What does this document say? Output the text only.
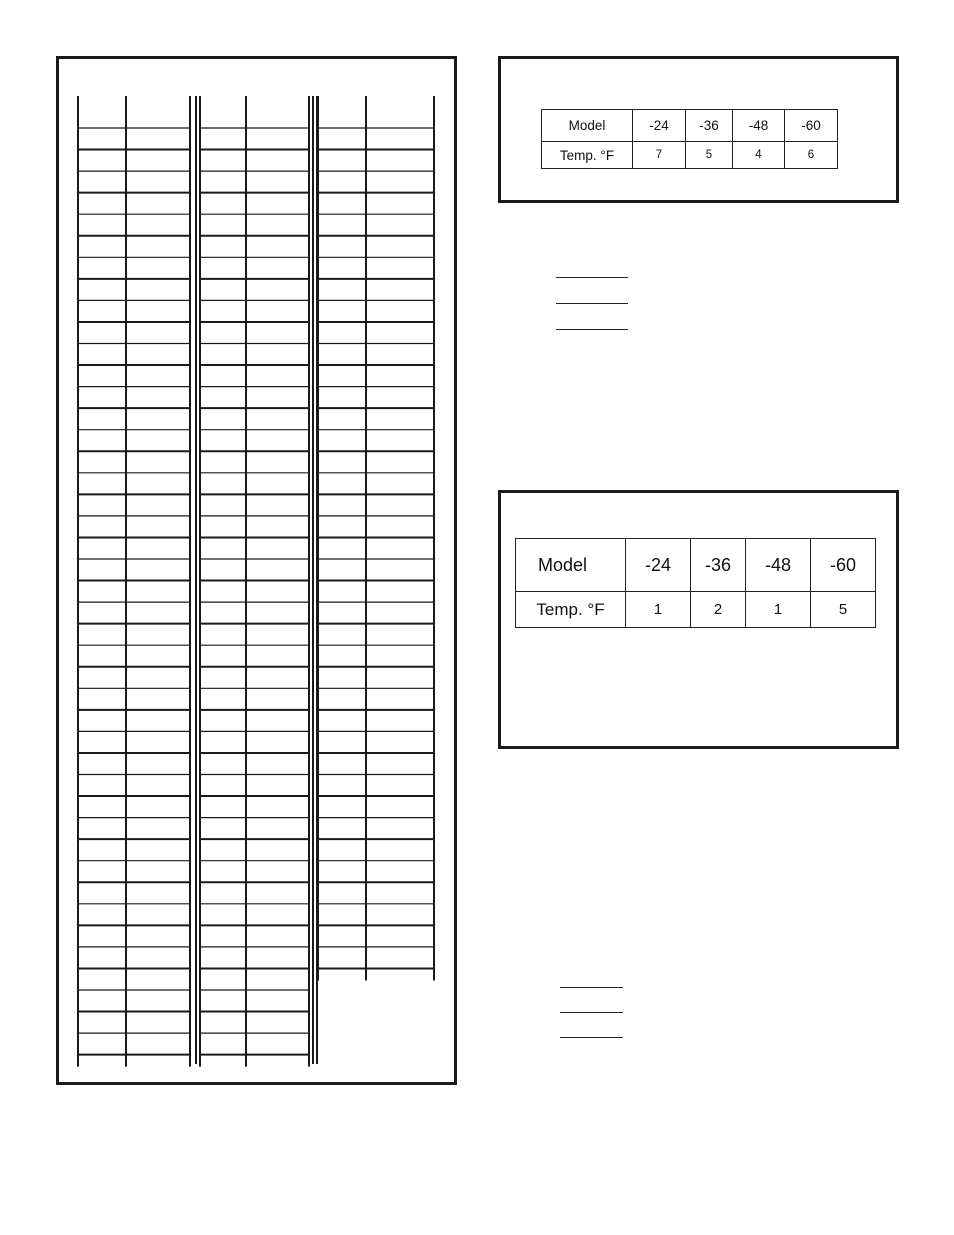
Model	-24	-36	-48	-60
Temp. °F	7	5	4	6
Model	-24	-36	-48	-60
Temp. °F	1	2	1	5
